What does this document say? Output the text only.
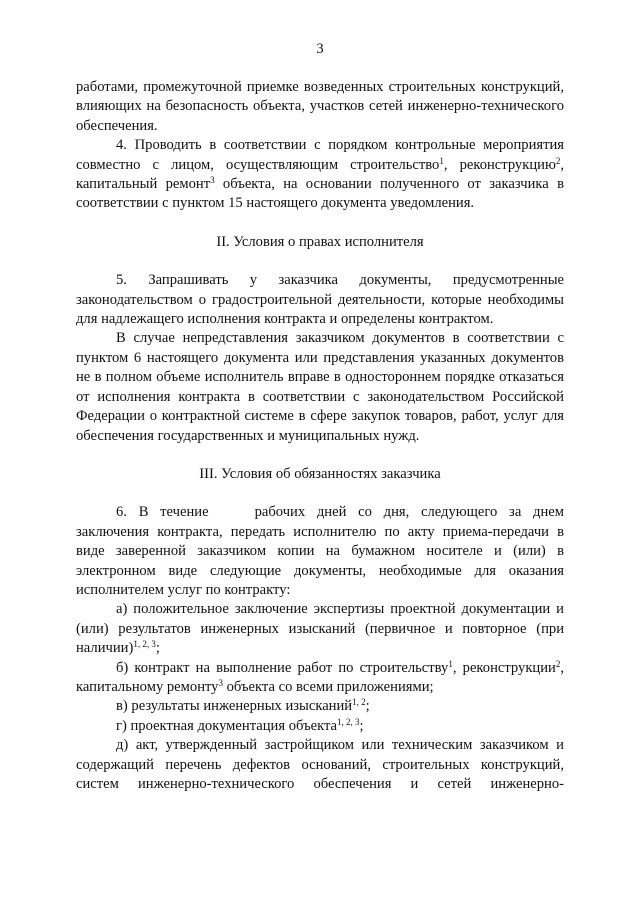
3

работами, промежуточной приемке возведенных строительных конструкций, влияющих на безопасность объекта, участков сетей инженерно-технического обеспечения.

4. Проводить в соответствии с порядком контрольные мероприятия совместно с лицом, осуществляющим строительство$^1$, реконструкцию$^2$, капитальный ремонт$^3$ объекта, на основании полученного от заказчика в соответствии с пунктом 15 настоящего документа уведомления.

II. Условия о правах исполнителя

5. Запрашивать у заказчика документы, предусмотренные законодательством о градостроительной деятельности, которые необходимы для надлежащего исполнения контракта и определены контрактом.

В случае непредставления заказчиком документов в соответствии с пунктом 6 настоящего документа или представления указанных документов не в полном объеме исполнитель вправе в одностороннем порядке отказаться от исполнения контракта в соответствии с законодательством Российской Федерации о контрактной системе в сфере закупок товаров, работ, услуг для обеспечения государственных и муниципальных нужд.

III. Условия об обязанностях заказчика

6. В течение	рабочих дней со дня, следующего за днем заключения контракта, передать исполнителю по акту приема-передачи в виде заверенной заказчиком копии на бумажном носителе и (или) в электронном виде следующие документы, необходимые для оказания исполнителем услуг по контракту:

а) положительное заключение экспертизы проектной документации и (или) результатов инженерных изысканий (первичное и повторное (при наличии)$^{1, 2, 3}$;

б) контракт на выполнение работ по строительству$^1$, реконструкции$^2$, капитальному ремонту$^3$ объекта со всеми приложениями;

в) результаты инженерных изысканий$^{1, 2}$;

г) проектная документация объекта$^{1, 2, 3}$;

д) акт, утвержденный застройщиком или техническим заказчиком и содержащий перечень дефектов оснований, строительных конструкций, систем инженерно-технического обеспечения и сетей инженерно-
